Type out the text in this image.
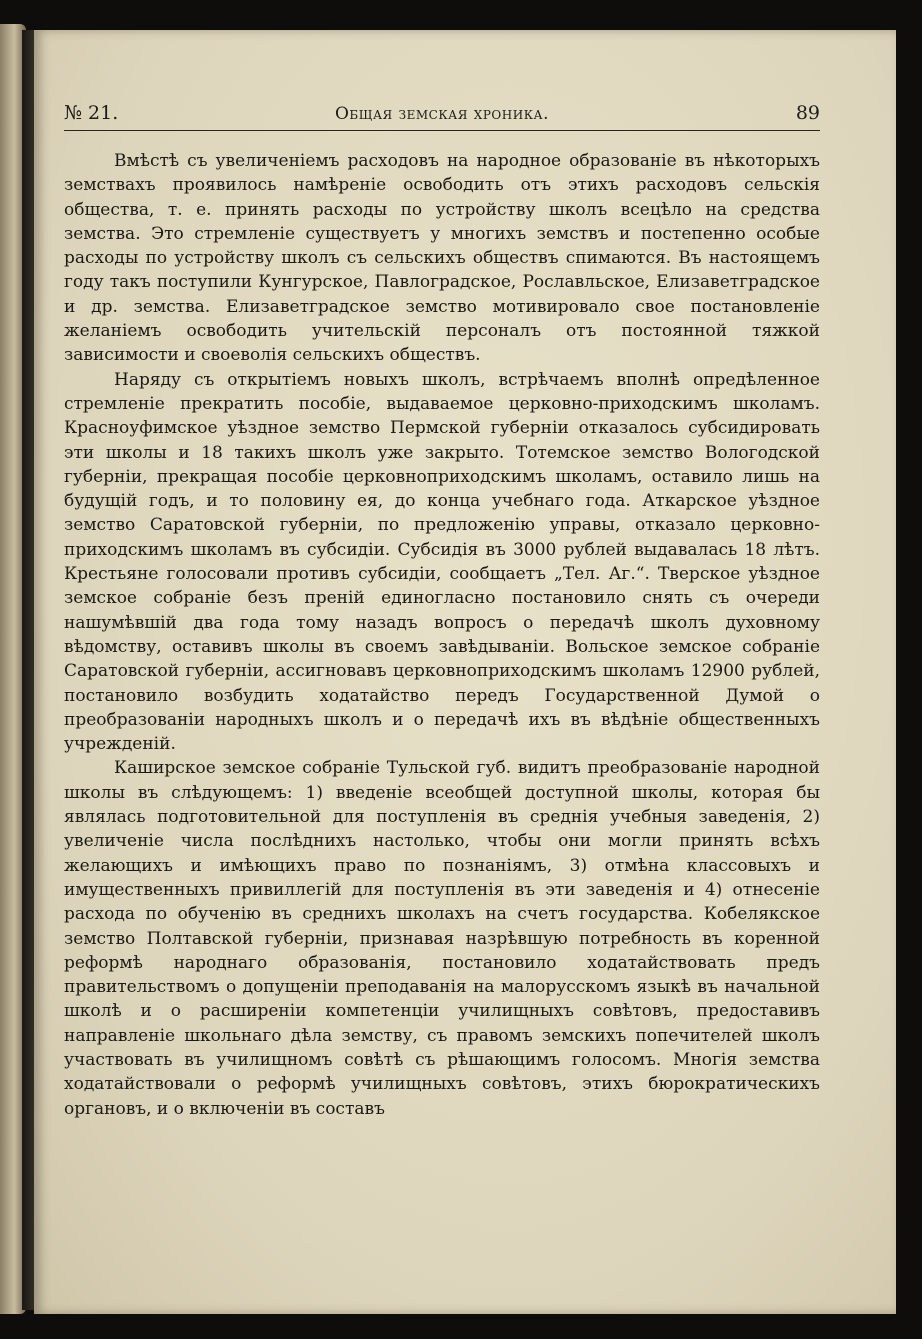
№ 21.	Общая земская хроника.	89

Вмѣстѣ съ увеличеніемъ расходовъ на народное образованіе въ нѣкоторыхъ земствахъ проявилось намѣреніе освободить отъ этихъ расходовъ сельскія общества, т. е. принять расходы по устройству школъ всецѣло на средства земства. Это стремленіе существуетъ у многихъ земствъ и постепенно особые расходы по устройству школъ съ сельскихъ обществъ спимаются. Въ настоящемъ году такъ поступили Кунгурское, Павлоградское, Рославльское, Елизаветградское и др. земства. Елизаветградское земство мотивировало свое постановленіе желаніемъ освободить учительскій персоналъ отъ постоянной тяжкой зависимости и своеволія сельскихъ обществъ.

Наряду съ открытіемъ новыхъ школъ, встрѣчаемъ вполнѣ опредѣленное стремленіе прекратить пособіе, выдаваемое церковно-приходскимъ школамъ. Красноуфимское уѣздное земство Пермской губерніи отказалось субсидировать эти школы и 18 такихъ школъ уже закрыто. Тотемское земство Вологодской губерніи, прекращая пособіе церковноприходскимъ школамъ, оставило лишь на будущій годъ, и то половину ея, до конца учебнаго года. Аткарское уѣздное земство Саратовской губерніи, по предложенію управы, отказало церковно-приходскимъ школамъ въ субсидіи. Субсидія въ 3000 рублей выдавалась 18 лѣтъ. Крестьяне голосовали противъ субсидіи, сообщаетъ „Тел. Аг.“. Тверское уѣздное земское собраніе безъ преній единогласно постановило снять съ очереди нашумѣвшій два года тому назадъ вопросъ о передачѣ школъ духовному вѣдомству, оставивъ школы въ своемъ завѣдываніи. Вольское земское собраніе Саратовской губерніи, ассигновавъ церковноприходскимъ школамъ 12900 рублей, постановило возбудить ходатайство передъ Государственной Думой о преобразованіи народныхъ школъ и о передачѣ ихъ въ вѣдѣніе общественныхъ учрежденій.

Каширское земское собраніе Тульской губ. видитъ преобразованіе народной школы въ слѣдующемъ: 1) введеніе всеобщей доступной школы, которая бы являлась подготовительной для поступленія въ среднія учебныя заведенія, 2) увеличеніе числа послѣднихъ настолько, чтобы они могли принять всѣхъ желающихъ и имѣющихъ право по познаніямъ, 3) отмѣна классовыхъ и имущественныхъ привиллегій для поступленія въ эти заведенія и 4) отнесеніе расхода по обученію въ среднихъ школахъ на счетъ государства. Кобелякское земство Полтавской губерніи, признавая назрѣвшую потребность въ коренной реформѣ народнаго образованія, постановило ходатайствовать предъ правительствомъ о допущеніи преподаванія на малорусскомъ языкѣ въ начальной школѣ и о расширеніи компетенціи училищныхъ совѣтовъ, предоставивъ направленіе школьнаго дѣла земству, съ правомъ земскихъ попечителей школъ участвовать въ училищномъ совѣтѣ съ рѣшающимъ голосомъ. Многія земства ходатайствовали о реформѣ училищныхъ совѣтовъ, этихъ бюрократическихъ органовъ, и о включеніи въ составъ
